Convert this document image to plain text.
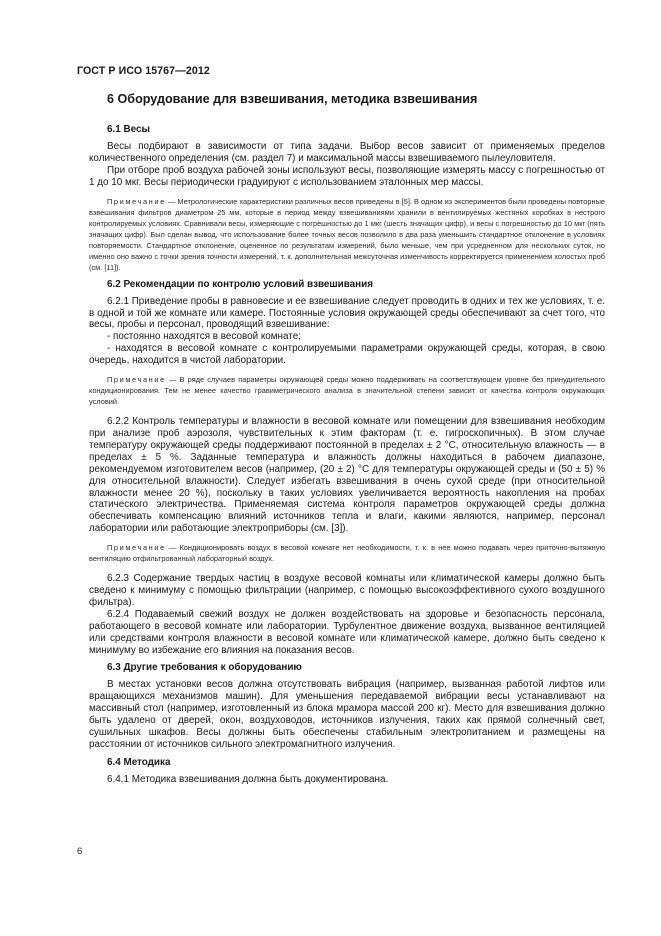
ГОСТ Р ИСО 15767—2012
6 Оборудование для взвешивания, методика взвешивания
6.1 Весы

Весы подбирают в зависимости от типа задачи. Выбор весов зависит от применяемых пределов количественного определения (см. раздел 7) и максимальной массы взвешиваемого пылеуловителя.

При отборе проб воздуха рабочей зоны используют весы, позволяющие измерять массу с погрешностью от 1 до 10 мкг. Весы периодически градуируют с использованием эталонных мер массы.

Примечание — Метрологические характеристики различных весов приведены в [5]. В одном из экспериментов были проведены повторные взвешивания фильтров диаметром 25 мм, которые в период между взвешиваниями хранили в вентилируемых жестяных коробках в нестрого контролируемых условиях. Сравнивали весы, измеряющие с погрешностью до 1 мкг (шесть значащих цифр), и весы с погрешностью до 10 мкг (пять значащих цифр). Был сделан вывод, что использование более точных весов позволило в два раза уменьшить стандартное отклонение в условиях повторяемости. Стандартное отклонение, оцененное по результатам измерений, было меньше, чем при усредненном для нескольких суток, но именно оно важно с точки зрения точности измерений, т. к. дополнительная межсуточная изменчивость корректируется применением холостых проб (см. [11]).

6.2 Рекомендации по контролю условий взвешивания

6.2.1 Приведение пробы в равновесие и ее взвешивание следует проводить в одних и тех же условиях, т. е. в одной и той же комнате или камере. Постоянные условия окружающей среды обеспечивают за счет того, что весы, пробы и персонал, проводящий взвешивание:

- постоянно находятся в весовой комнате;

- находятся в весовой комнате с контролируемыми параметрами окружающей среды, которая, в свою очередь, находится в чистой лаборатории.

Примечание — В ряде случаев параметры окружающей среды можно поддерживать на соответствующем уровне без принудительного кондиционирования. Тем не менее качество гравиметрического анализа в значительной степени зависит от качества контроля окружающих условий.

6.2.2 Контроль температуры и влажности в весовой комнате или помещении для взвешивания необходим при анализе проб аэрозоля, чувствительных к этим факторам (т. е. гигроскопичных). В этом случае температуру окружающей среды поддерживают постоянной в пределах ± 2 °С, относительную влажность — в пределах ± 5 %. Заданные температура и влажность должны находиться в рабочем диапазоне, рекомендуемом изготовителем весов (например, (20 ± 2) °С для температуры окружающей среды и (50 ± 5) % для относительной влажности). Следует избегать взвешивания в очень сухой среде (при относительной влажности менее 20 %), поскольку в таких условиях увеличивается вероятность накопления на пробах статического электричества. Применяемая система контроля параметров окружающей среды должна обеспечивать компенсацию влияний источников тепла и влаги, какими являются, например, персонал лаборатории или работающие электроприборы (см. [3]).

Примечание — Кондиционировать воздух в весовой комнате нет необходимости, т. к. в нее можно подавать через приточно-вытяжную вентиляцию отфильтрованный лабораторный воздух.

6.2.3 Содержание твердых частиц в воздухе весовой комнаты или климатической камеры должно быть сведено к минимуму с помощью фильтрации (например, с помощью высокоэффективного сухого воздушного фильтра).

6.2.4 Подаваемый свежий воздух не должен воздействовать на здоровье и безопасность персонала, работающего в весовой комнате или лаборатории. Турбулентное движение воздуха, вызванное вентиляцией или средствами контроля влажности в весовой комнате или климатической камере, должно быть сведено к минимуму во избежание его влияния на показания весов.

6.3 Другие требования к оборудованию

В местах установки весов должна отсутствовать вибрация (например, вызванная работой лифтов или вращающихся механизмов машин). Для уменьшения передаваемой вибрации весы устанавливают на массивный стол (например, изготовленный из блока мрамора массой 200 кг). Место для взвешивания должно быть удалено от дверей, окон, воздуховодов, источников излучения, таких как прямой солнечный свет, сушильных шкафов. Весы должны быть обеспечены стабильным электропитанием и размещены на расстоянии от источников сильного электромагнитного излучения.

6.4 Методика

6.4.1 Методика взвешивания должна быть документирована.

6
